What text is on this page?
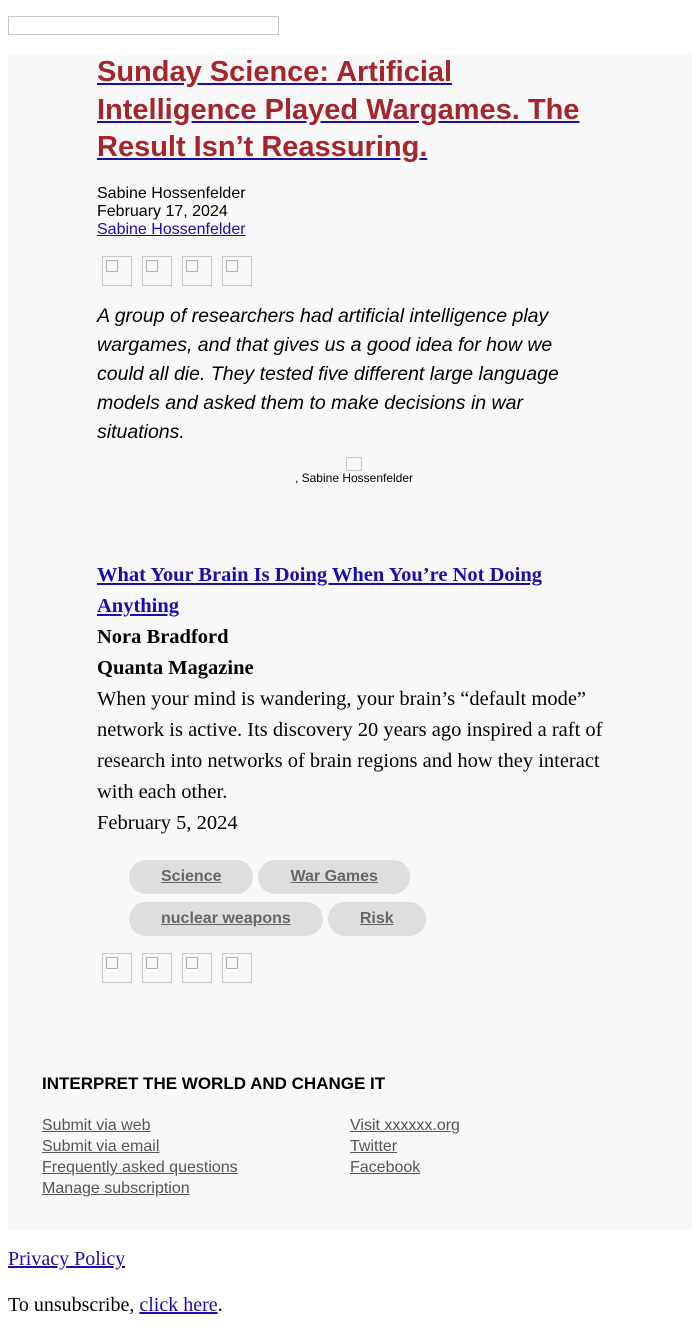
Sunday Science: Artificial Intelligence Played Wargames. The Result Isn’t Reassuring.
Sabine Hossenfelder
February 17, 2024
Sabine Hossenfelder

A group of researchers had artificial intelligence play wargames, and that gives us a good idea for how we could all die. They tested five different large language models and asked them to make decisions in war situations.

, Sabine Hossenfelder
What Your Brain Is Doing When You’re Not Doing Anything
Nora Bradford
Quanta Magazine
When your mind is wandering, your brain’s “default mode” network is active. Its discovery 20 years ago inspired a raft of research into networks of brain regions and how they interact with each other.
February 5, 2024
Science	War Games
nuclear weapons	Risk
INTERPRET THE WORLD AND CHANGE IT
Submit via web
Submit via email
Frequently asked questions
Manage subscription
Visit xxxxxx.org
Twitter
Facebook
Privacy Policy
To unsubscribe, click here.
